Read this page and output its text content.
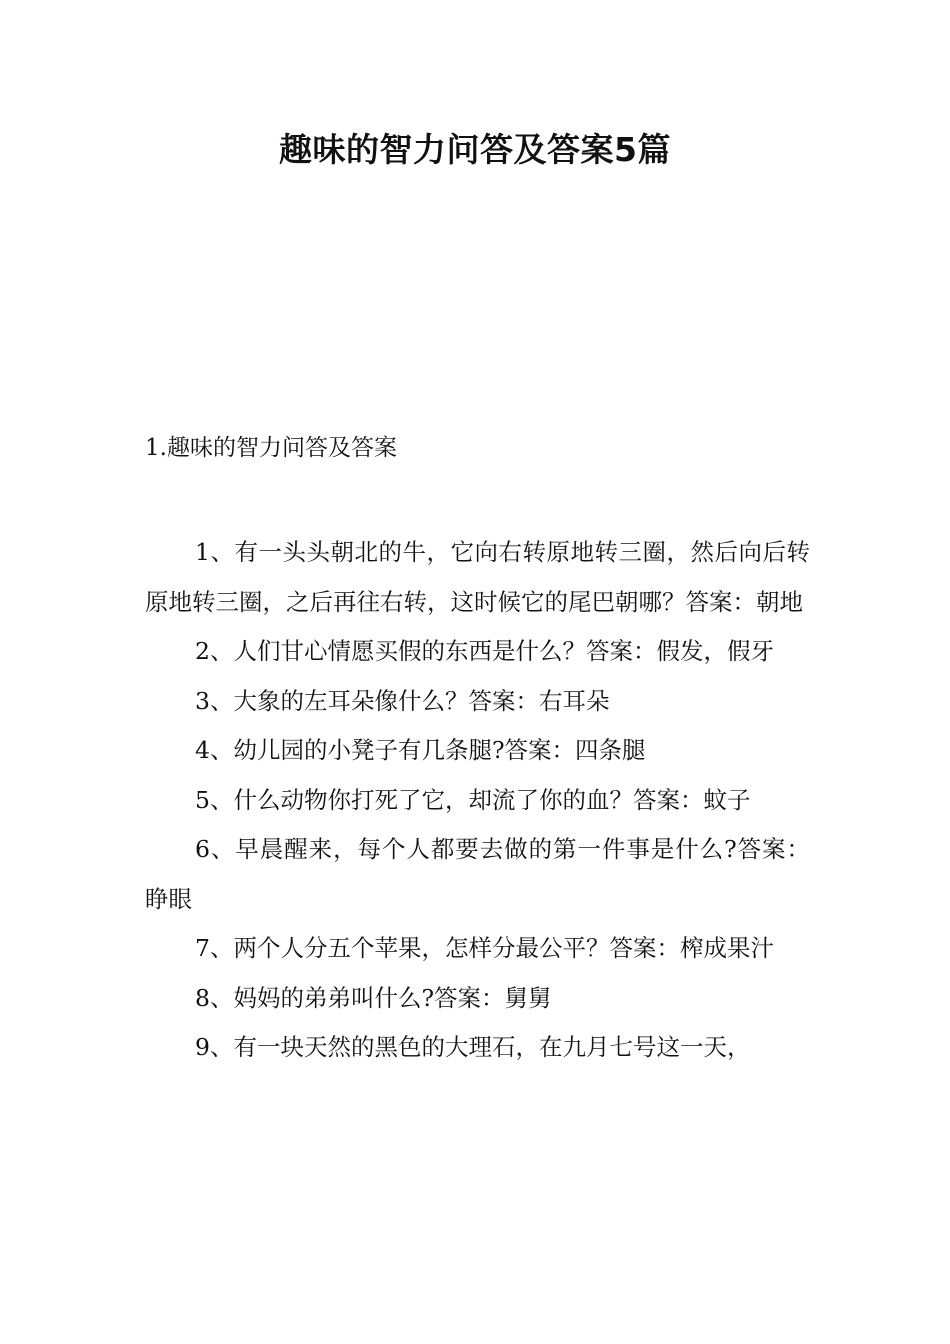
趣味的智力问答及答案5篇
1.趣味的智力问答及答案

1、有一头头朝北的牛，它向右转原地转三圈，然后向后转原地转三圈，之后再往右转，这时候它的尾巴朝哪？答案：朝地

2、人们甘心情愿买假的东西是什么？答案：假发，假牙

3、大象的左耳朵像什么？答案：右耳朵

4、幼儿园的小凳子有几条腿?答案：四条腿

5、什么动物你打死了它，却流了你的血？答案：蚊子

6、早晨醒来，每个人都要去做的第一件事是什么?答案：睁眼

7、两个人分五个苹果，怎样分最公平？答案：榨成果汁

8、妈妈的弟弟叫什么?答案：舅舅

9、有一块天然的黑色的大理石，在九月七号这一天，
